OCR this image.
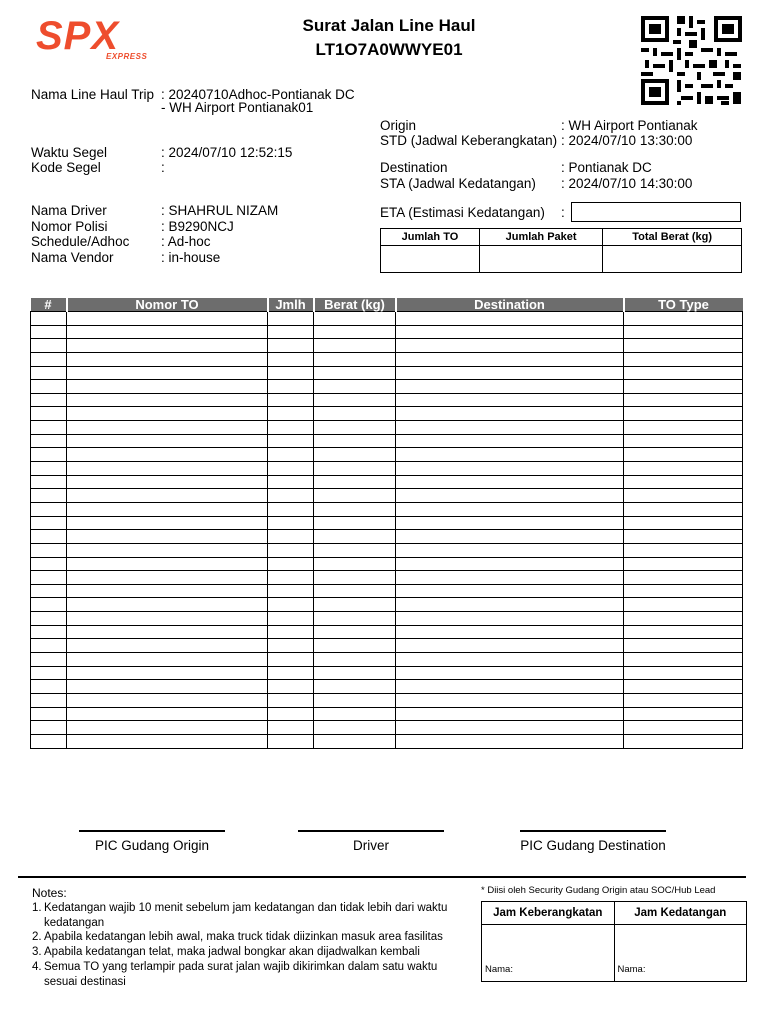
SPX
EXPRESS
Surat Jalan Line Haul
LT1O7A0WWYE01
Nama Line Haul Trip : 20240710Adhoc-Pontianak DC
- WH Airport Pontianak01
Waktu Segel	: 2024/07/10 12:52:15
Kode Segel	:
Nama Driver	: SHAHRUL NIZAM
Nomor Polisi	: B9290NCJ
Schedule/Adhoc : Ad-hoc
Nama Vendor	: in-house
Origin	: WH Airport Pontianak
STD (Jadwal Keberangkatan) : 2024/07/10 13:30:00
Destination	: Pontianak DC
STA (Jadwal Kedatangan) : 2024/07/10 14:30:00
ETA (Estimasi Kedatangan) :
Jumlah TO	Jumlah Paket	Total Berat (kg)

#	Nomor TO	Jmlh	Berat (kg)	Destination	TO Type

PIC Gudang Origin	Driver	PIC Gudang Destination
Notes:
1. Kedatangan wajib 10 menit sebelum jam kedatangan dan tidak lebih dari waktu kedatangan
2. Apabila kedatangan lebih awal, maka truck tidak diizinkan masuk area fasilitas
3. Apabila kedatangan telat, maka jadwal bongkar akan dijadwalkan kembali
4. Semua TO yang terlampir pada surat jalan wajib dikirimkan dalam satu waktu sesuai destinasi
* Diisi oleh Security Gudang Origin atau SOC/Hub Lead
Jam Keberangkatan	Jam Kedatangan
Nama:	Nama:
